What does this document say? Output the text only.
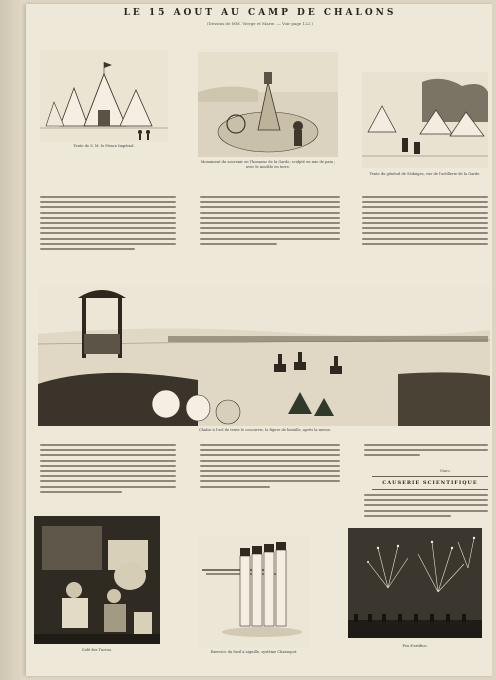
LE 15 AOUT AU CAMP DE CHALONS
(Dessins de MM. Vierge et Marie. — Voir page 122.)
Tente de S. M. le Prince Impérial.
Monument du souvenir en l'honneur de la Garde, sculpté en mie de pain ; avec le modèle en terre.
Tente du général de Sédaiges, vue de l'artillerie de la Garde.
Chaloe à l'oel de tente le concurrie, la figure de bataille, après la messe.
Marc.
CAUSERIE SCIENTIFIQUE
Café des Turcos.	Exercice du fusil à aiguille, système Chassepot.
Feu d'artifice.
